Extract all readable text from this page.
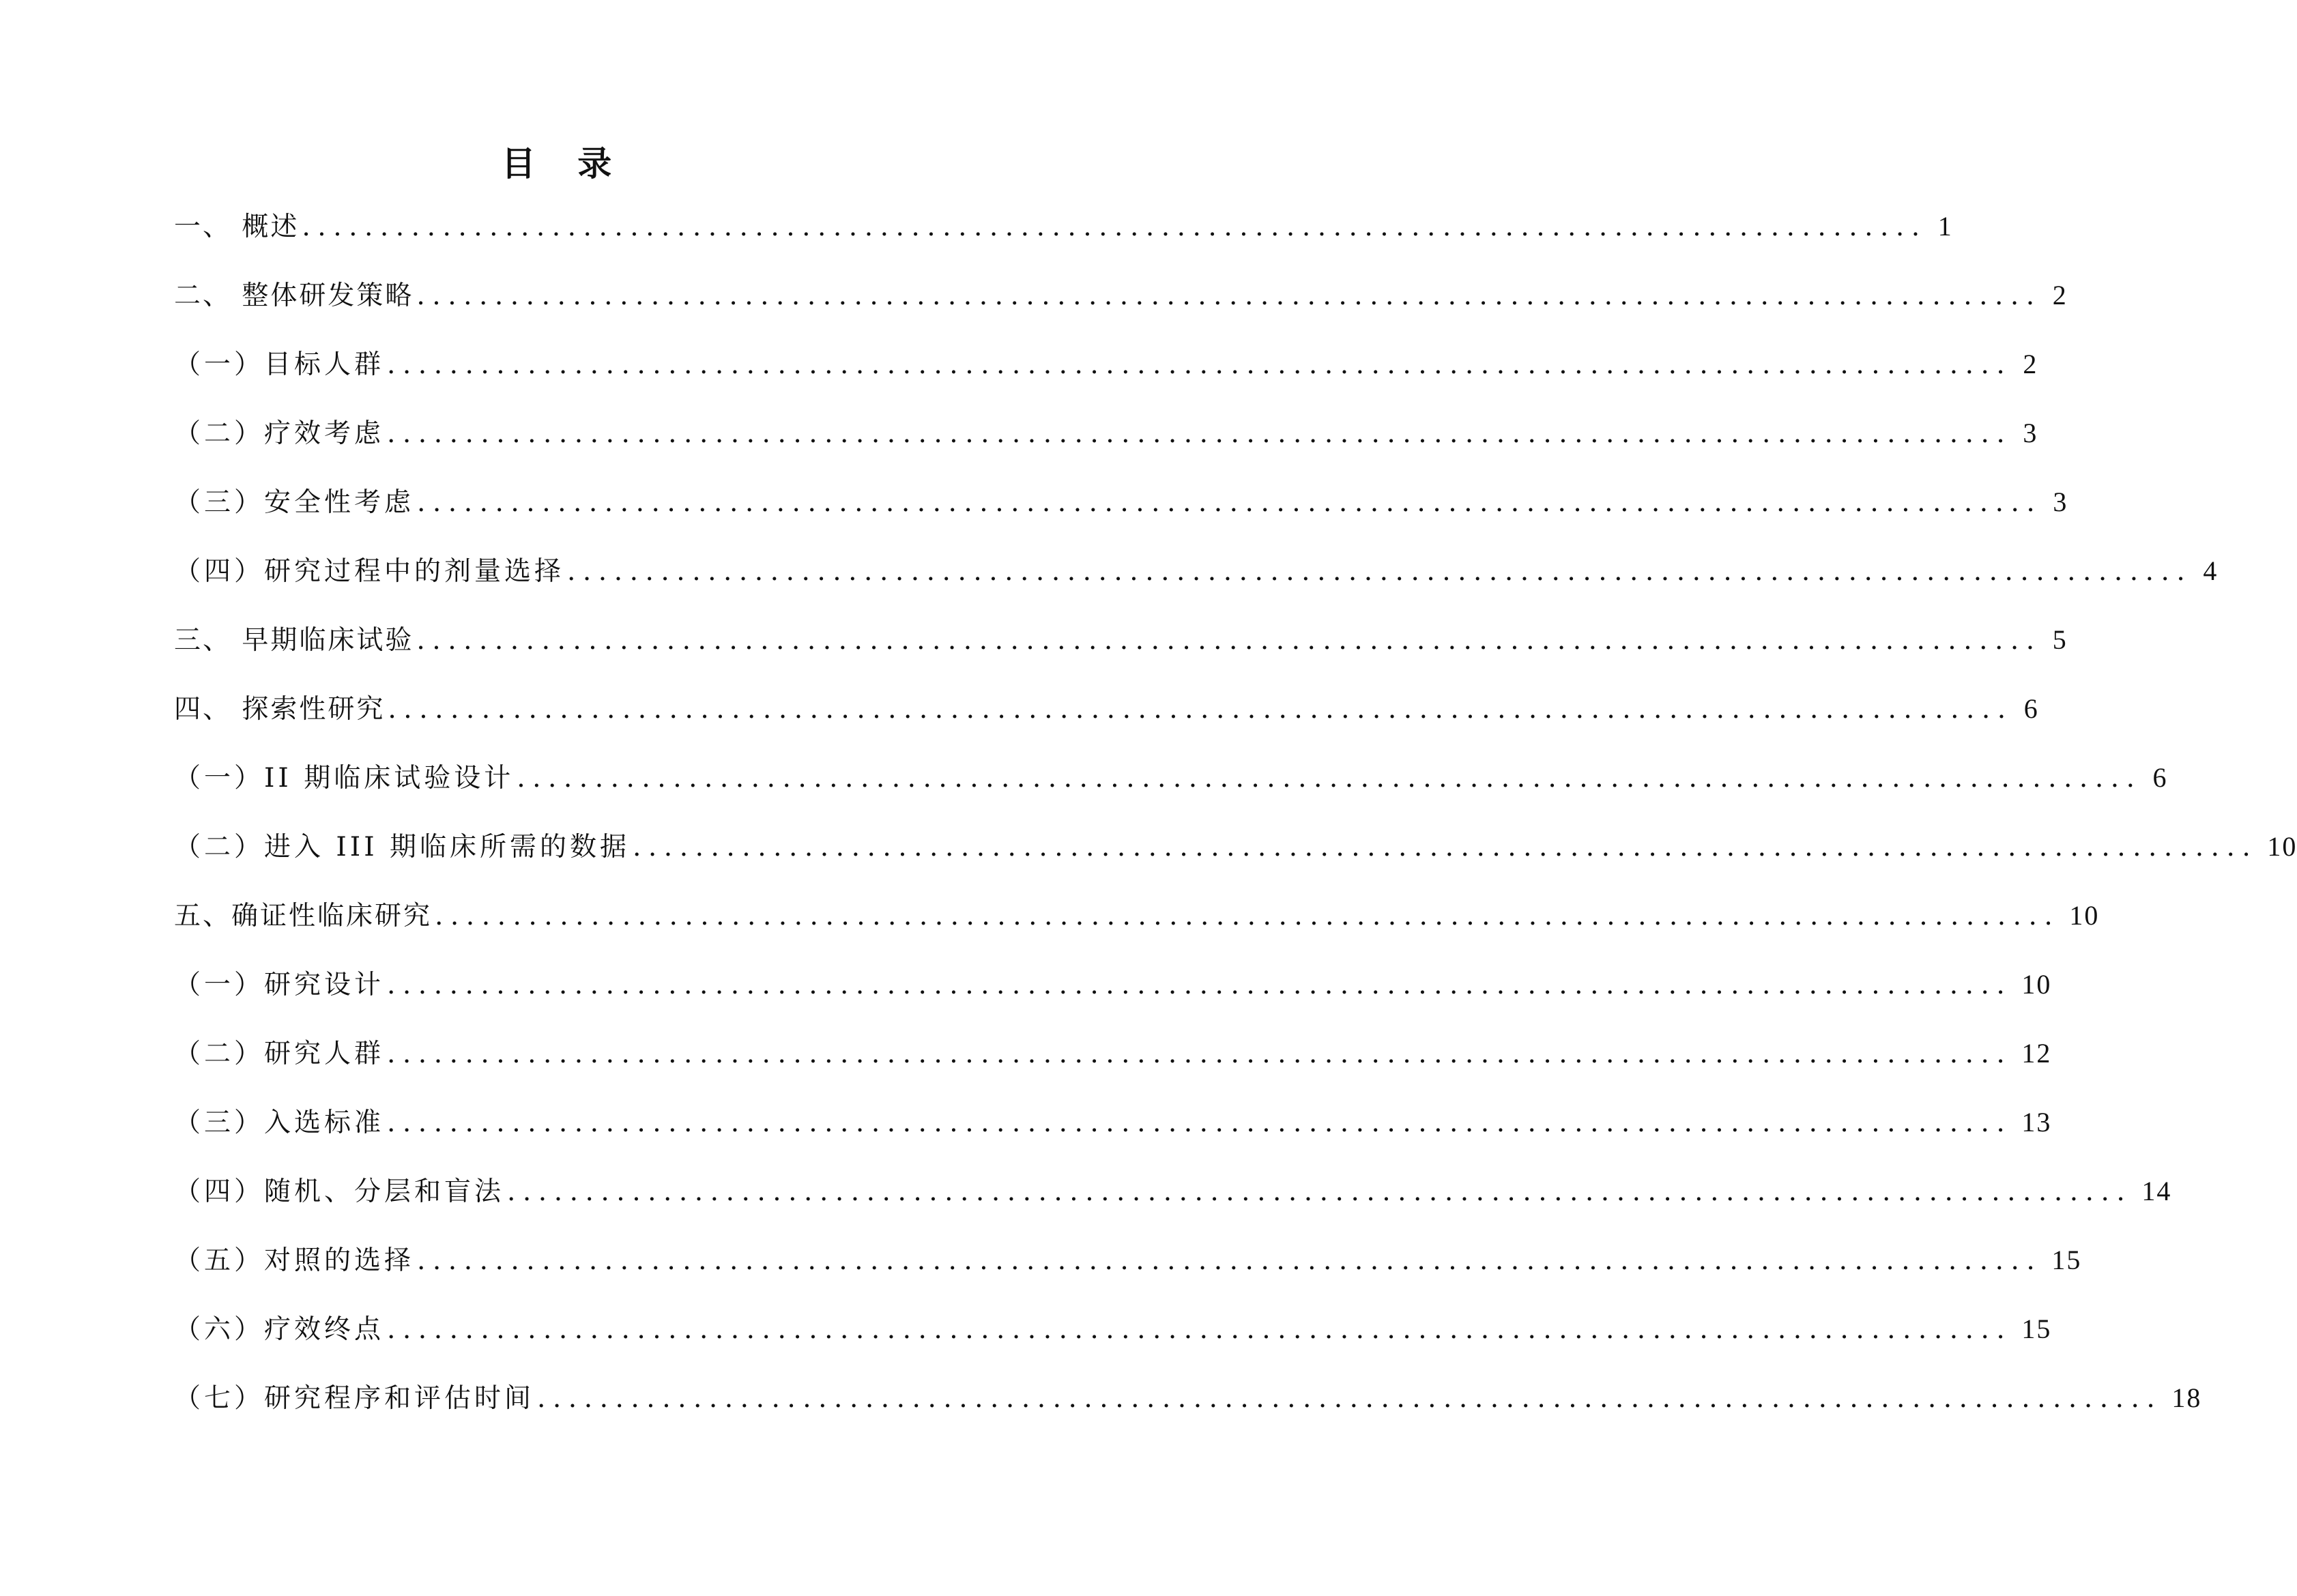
目 录
一、 概述 ........................................................................................................ 1
二、 整体研发策略 ........................................................................................................ 2
（一）目标人群 ........................................................................................................ 2
（二）疗效考虑 ........................................................................................................ 3
（三）安全性考虑 ........................................................................................................ 3
（四）研究过程中的剂量选择 ........................................................................................................ 4
三、 早期临床试验 ........................................................................................................ 5
四、 探索性研究 ........................................................................................................ 6
（一）II 期临床试验设计 ........................................................................................................ 6
（二）进入 III 期临床所需的数据 ........................................................................................................ 10
五、确证性临床研究 ........................................................................................................ 10
（一）研究设计 ........................................................................................................ 10
（二）研究人群 ........................................................................................................ 12
（三）入选标准 ........................................................................................................ 13
（四）随机、分层和盲法 ........................................................................................................ 14
（五）对照的选择 ........................................................................................................ 15
（六）疗效终点 ........................................................................................................ 15
（七）研究程序和评估时间 ........................................................................................................ 18
